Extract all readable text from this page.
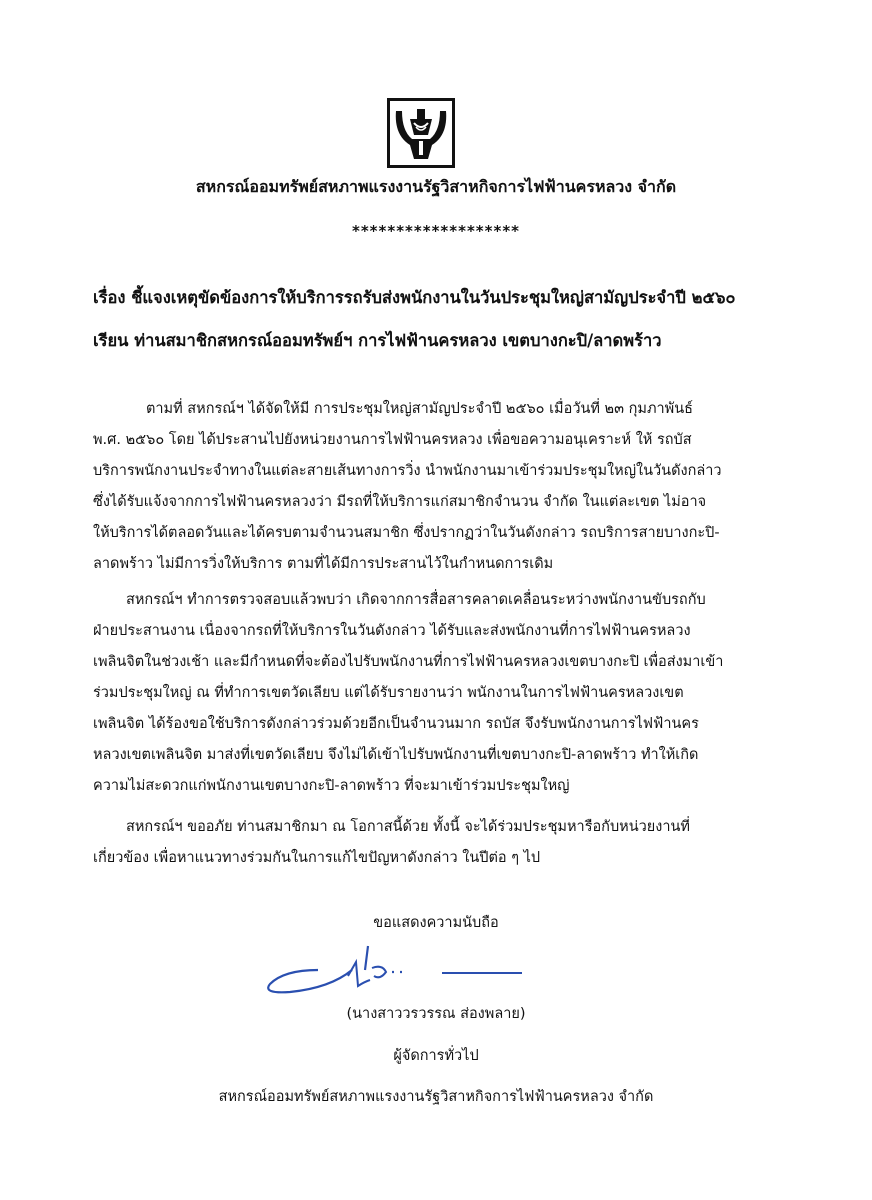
สหกรณ์ออมทรัพย์สหภาพแรงงานรัฐวิสาหกิจการไฟฟ้านครหลวง จำกัด
*******************
เรื่อง ชี้แจงเหตุขัดข้องการให้บริการรถรับส่งพนักงานในวันประชุมใหญ่สามัญประจำปี ๒๕๖๐
เรียน ท่านสมาชิกสหกรณ์ออมทรัพย์ฯ การไฟฟ้านครหลวง เขตบางกะปิ/ลาดพร้าว
ตามที่ สหกรณ์ฯ ได้จัดให้มี การประชุมใหญ่สามัญประจำปี ๒๕๖๐ เมื่อวันที่ ๒๓ กุมภาพันธ์
พ.ศ. ๒๕๖๐ โดย ได้ประสานไปยังหน่วยงานการไฟฟ้านครหลวง เพื่อขอความอนุเคราะห์ ให้ รถบัส
บริการพนักงานประจำทางในแต่ละสายเส้นทางการวิ่ง นำพนักงานมาเข้าร่วมประชุมใหญ่ในวันดังกล่าว
ซึ่งได้รับแจ้งจากการไฟฟ้านครหลวงว่า มีรถที่ให้บริการแก่สมาชิกจำนวน จำกัด ในแต่ละเขต ไม่อาจ
ให้บริการได้ตลอดวันและได้ครบตามจำนวนสมาชิก ซึ่งปรากฏว่าในวันดังกล่าว รถบริการสายบางกะปิ-
ลาดพร้าว ไม่มีการวิ่งให้บริการ ตามที่ได้มีการประสานไว้ในกำหนดการเดิม
สหกรณ์ฯ ทำการตรวจสอบแล้วพบว่า เกิดจากการสื่อสารคลาดเคลื่อนระหว่างพนักงานขับรถกับ
ฝ่ายประสานงาน เนื่องจากรถที่ให้บริการในวันดังกล่าว ได้รับและส่งพนักงานที่การไฟฟ้านครหลวง
เพลินจิตในช่วงเช้า และมีกำหนดที่จะต้องไปรับพนักงานที่การไฟฟ้านครหลวงเขตบางกะปิ เพื่อส่งมาเข้า
ร่วมประชุมใหญ่ ณ ที่ทำการเขตวัดเลียบ แต่ได้รับรายงานว่า พนักงานในการไฟฟ้านครหลวงเขต
เพลินจิต ได้ร้องขอใช้บริการดังกล่าวร่วมด้วยอีกเป็นจำนวนมาก รถบัส จึงรับพนักงานการไฟฟ้านคร
หลวงเขตเพลินจิต มาส่งที่เขตวัดเลียบ จึงไม่ได้เข้าไปรับพนักงานที่เขตบางกะปิ-ลาดพร้าว ทำให้เกิด
ความไม่สะดวกแก่พนักงานเขตบางกะปิ-ลาดพร้าว ที่จะมาเข้าร่วมประชุมใหญ่
สหกรณ์ฯ ขออภัย ท่านสมาชิกมา ณ โอกาสนี้ด้วย ทั้งนี้ จะได้ร่วมประชุมหารือกับหน่วยงานที่
เกี่ยวข้อง เพื่อหาแนวทางร่วมกันในการแก้ไขปัญหาดังกล่าว ในปีต่อ ๆ ไป
ขอแสดงความนับถือ
(นางสาววรวรรณ ส่องพลาย)
ผู้จัดการทั่วไป
สหกรณ์ออมทรัพย์สหภาพแรงงานรัฐวิสาหกิจการไฟฟ้านครหลวง จำกัด
